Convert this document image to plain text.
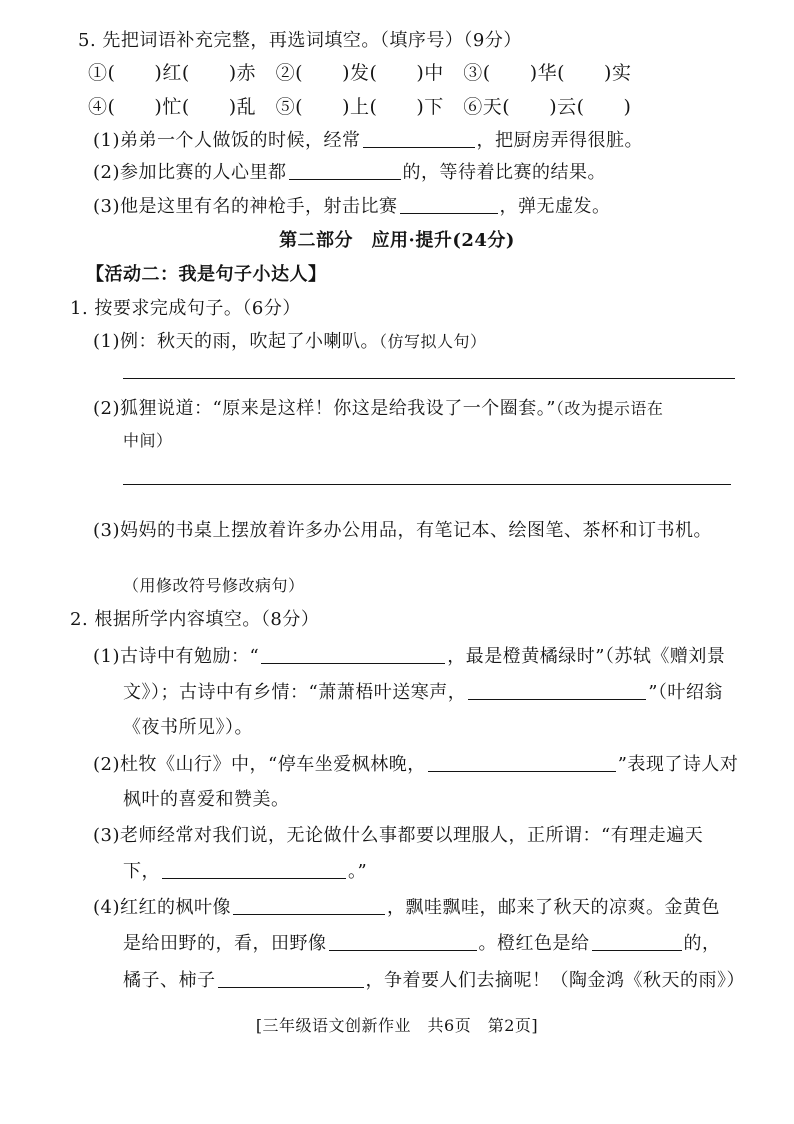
5. 先把词语补充完整，再选词填空。（填序号）（9分）
①(　　)红(　　)赤　②(　　)发(　　)中　③(　　)华(　　)实
④(　　)忙(　　)乱　⑤(　　)上(　　)下　⑥天(　　)云(　　)
(1)弟弟一个人做饭的时候，经常	，把厨房弄得很脏。
(2)参加比赛的人心里都	的，等待着比赛的结果。
(3)他是这里有名的神枪手，射击比赛	，弹无虚发。
第二部分　应用·提升(24分)
【活动二：我是句子小达人】
1. 按要求完成句子。（6分）
(1)例：秋天的雨，吹起了小喇叭。（仿写拟人句）
(2)狐狸说道：“原来是这样！你这是给我设了一个圈套。”（改为提示语在
中间）
(3)妈妈的书桌上摆放着许多办公用品，有笔记本、绘图笔、茶杯和订书机。
（用修改符号修改病句）
2. 根据所学内容填空。（8分）
(1)古诗中有勉励：“	，最是橙黄橘绿时”（苏轼《赠刘景
文》）；古诗中有乡情：“萧萧梧叶送寒声，	”（叶绍翁
《夜书所见》）。
(2)杜牧《山行》中，“停车坐爱枫林晚，	”表现了诗人对
枫叶的喜爱和赞美。
(3)老师经常对我们说，无论做什么事都要以理服人，正所谓：“有理走遍天
下，	。”
(4)红红的枫叶像	，飘哇飘哇，邮来了秋天的凉爽。金黄色
是给田野的，看，田野像	。橙红色是给	的，
橘子、柿子	，争着要人们去摘呢！（陶金鸿《秋天的雨》）
[三年级语文创新作业　共6页　第2页]
